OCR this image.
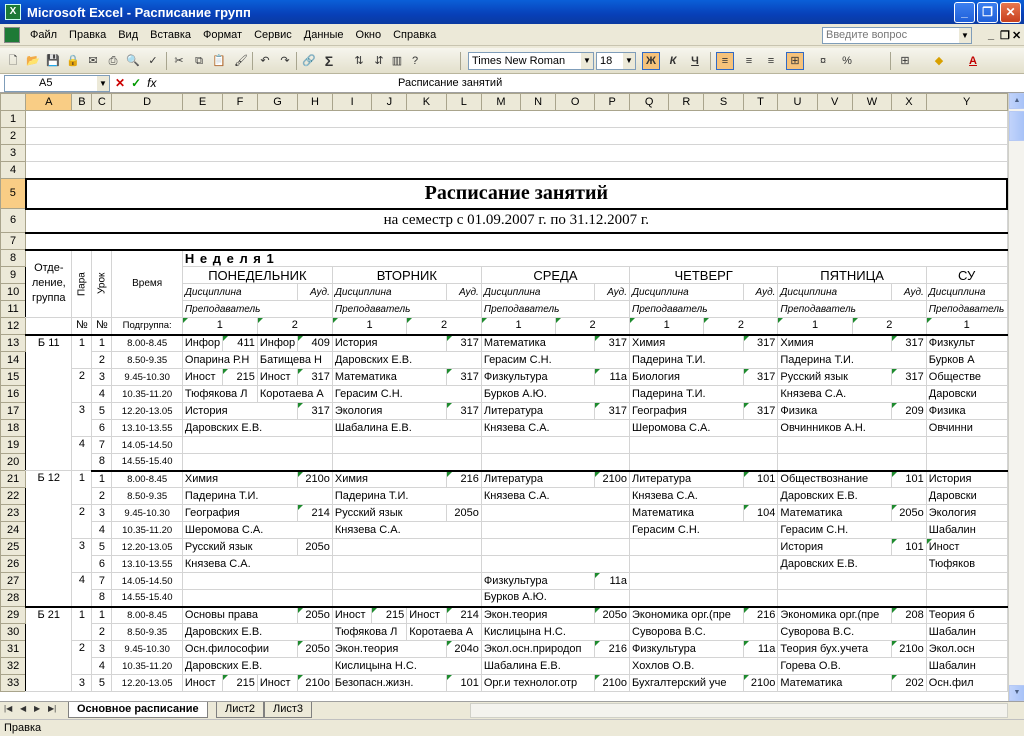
X Microsoft Excel - Расписание групп	_	❐	✕
Файл	Правка	Вид	Вставка	Формат	Сервис	Данные	Окно	Справка	Введите вопрос	▼ _ ❐ ✕
🗋 📂 💾 🔒 ✉ ⎙ 🔍 ✓	✂	⧉ 📋 🖌	↶ ↷	🔗 Σ	⇅ ⇵ ▥ ?	Times New Roman ▼ 18 ▼	Ж	К	Ч	≡	≡	≡	⊞	¤	%	⊞	◆	A
A5	▼ ✕ ✓ fx	Расписание занятий
	A	B	C	D	E	F	G	H	I	J	K	L	M	N	O	P	Q	R	S	T	U	V	W	X	Y
1																									
2																									
3																									
4																									
5	Расписание занятий																								
6	на семестр с 01.09.2007 г. по 31.12.2007 г.																								
7																									
8	Отде-
ление,
группа	Пара	Урок	Время	Н е д е л я 1																				
9					ПОНЕДЕЛЬНИК				ВТОРНИК				СРЕДА				ЧЕТВЕРГ				ПЯТНИЦА				СУ
10					Дисциплина			Ауд.	Дисциплина			Ауд.	Дисциплина			Ауд.	Дисциплина			Ауд.	Дисциплина			Ауд.	Дисциплина
11					Преподаватель				Преподаватель				Преподаватель				Преподаватель				Преподаватель				Преподаватель
12		№	№	Подгруппа:	1		2		1		2		1		2		1		2		1		2		1
13	Б 11	1	1	8.00-8.45	Инфор	411	Инфор	409	История			317	Математика			317	Химия			317	Химия			317	Физкульт
14			2	8.50-9.35	Опарина Р.Н		Батищева Н		Даровских Е.В.				Герасим С.Н.				Падерина Т.И.				Падерина Т.И.				Бурков А
15		2	3	9.45-10.30	Иност	215	Иност	317	Математика			317	Физкультура			11а	Биология			317	Русский язык			317	Обществе
16			4	10.35-11.20	Тюфякова Л		Коротаева А		Герасим С.Н.				Бурков А.Ю.				Падерина Т.И.				Князева С.А.				Даровски
17		3	5	12.20-13.05	История			317	Экология			317	Литература			317	География			317	Физика			209	Физика
18			6	13.10-13.55	Даровских Е.В.				Шабалина Е.В.				Князева С.А.				Шеромова С.А.				Овчинников А.Н.				Овчинни
19		4	7	14.05-14.50																					
20			8	14.55-15.40																					
21	Б 12	1	1	8.00-8.45	Химия			210о	Химия			216	Литература			210о	Литература			101	Обществознание			101	История
22			2	8.50-9.35	Падерина Т.И.				Падерина Т.И.				Князева С.А.				Князева С.А.				Даровских Е.В.				Даровски
23		2	3	9.45-10.30	География			214	Русский язык			205о					Математика			104	Математика			205о	Экология
24			4	10.35-11.20	Шеромова С.А.				Князева С.А.								Герасим С.Н.				Герасим С.Н.				Шабалин
25		3	5	12.20-13.05	Русский язык			205о													История			101	Иност
26			6	13.10-13.55	Князева С.А.																Даровских Е.В.				Тюфяков
27		4	7	14.05-14.50									Физкультура			11а									
28			8	14.55-15.40									Бурков А.Ю.												
29	Б 21	1	1	8.00-8.45	Основы права			205о	Иност	215	Иност	214	Экон.теория			205о	Экономика орг.(пре			216	Экономика орг.(пре			208	Теория б
30			2	8.50-9.35	Даровских Е.В.				Тюфякова Л		Коротаева А		Кислицына Н.С.				Суворова В.С.				Суворова В.С.				Шабалин
31		2	3	9.45-10.30	Осн.философии			205о	Экон.теория			204о	Экол.осн.природоп			216	Физкультура			11а	Теория бух.учета			210о	Экол.осн
32			4	10.35-11.20	Даровских Е.В.				Кислицына Н.С.				Шабалина Е.В.				Хохлов О.В.				Горева О.В.				Шабалин
33		3	5	12.20-13.05	Иност	215	Иност	210о	Безопасн.жизн.			101	Орг.и технолог.отр			210о	Бухгалтерский уче			210о	Математика			202	Осн.фил
▲
▼
|◀ ◀ ▶ ▶|	Основное расписание	Лист2	Лист3
Правка
